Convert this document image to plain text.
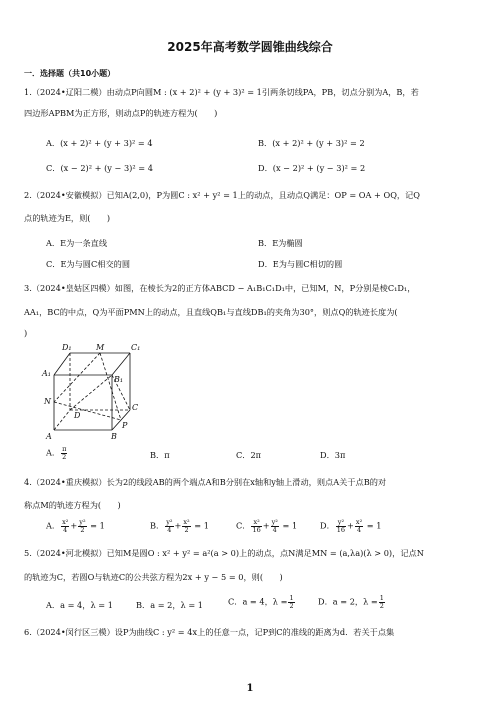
2025年高考数学圆锥曲线综合
一．选择题（共10小题）
1.（2024•辽阳二模）由动点P向圆M : (x + 2)² + (y + 3)² = 1引两条切线PA，PB，切点分别为A，B，若
四边形APBM为正方形，则动点P的轨迹方程为(　　)
A．(x + 2)² + (y + 3)² = 4	B．(x + 2)² + (y + 3)² = 2
C．(x − 2)² + (y − 3)² = 4	D．(x − 2)² + (y − 3)² = 2
2.（2024•安徽模拟）已知A(2,0)，P为圆C : x² + y² = 1上的动点，且动点Q满足：OP = OA + OQ，记Q
点的轨迹为E，则(　　)
A．E为一条直线	B．E为椭圆
C．E为与圆C相交的圆	D．E为与圆C相切的圆
3.（2024•皇姑区四模）如图，在棱长为2的正方体ABCD − A₁B₁C₁D₁中，已知M，N，P分别是棱C₁D₁，
AA₁，BC的中点，Q为平面PMN上的动点，且直线QB₁与直线DB₁的夹角为30°，则点Q的轨迹长度为(
)
D₁	M	C₁
A₁
B₁
N
C
D
P
A	B
A． $\frac{\pi}{2}$	B．π	C．2π	D．3π
4.（2024•重庆模拟）长为2的线段AB的两个端点A和B分别在x轴和y轴上滑动，则点A关于点B的对
称点M的轨迹方程为(　　)
A． $\frac{\text{x²}}{4} + \frac{\text{y²}}{2} = 1$	B． $\frac{\text{y²}}{4} + \frac{\text{x²}}{2} = 1$	C． $\frac{\text{x²}}{16} + \frac{\text{y²}}{4} = 1$	D． $\frac{\text{y²}}{16} + \frac{\text{x²}}{4} = 1$
5.（2024•河北模拟）已知M是圆O : x² + y² = a²(a > 0)上的动点，点N满足MN = (a,λa)(λ > 0)，记点N
的轨迹为C，若圆O与轨迹C的公共弦方程为2x + y − 5 = 0，则(　　)
A．a = 4，λ = 1	B．a = 2，λ = 1	C．a = 4，$\lambda = \frac{1}{2}$	D．a = 2，$\lambda = \frac{1}{2}$
6.（2024•闵行区三模）设P为曲线C : y² = 4x上的任意一点，记P到C的准线的距离为d．若关于点集
1
